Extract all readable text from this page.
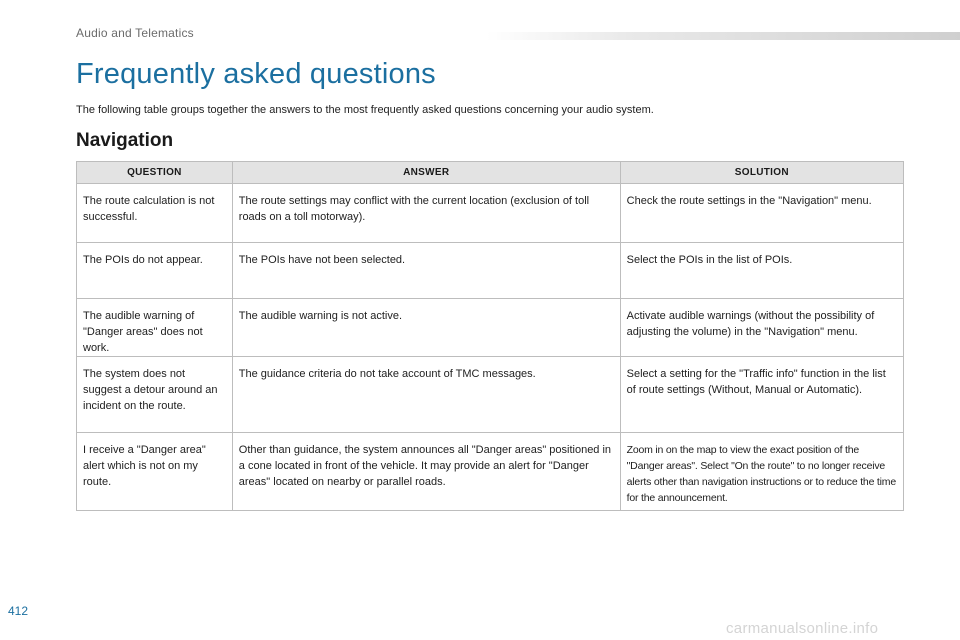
Audio and Telematics
Frequently asked questions

The following table groups together the answers to the most frequently asked questions concerning your audio system.

Navigation
QUESTION	ANSWER	SOLUTION
The route calculation is not successful.	The route settings may conflict with the current location (exclusion of toll roads on a toll motorway).	Check the route settings in the "Navigation" menu.
The POIs do not appear.	The POIs have not been selected.	Select the POIs in the list of POIs.
The audible warning of "Danger areas" does not work.	The audible warning is not active.	Activate audible warnings (without the possibility of adjusting the volume) in the "Navigation" menu.
The system does not suggest a detour around an incident on the route.	The guidance criteria do not take account of TMC messages.	Select a setting for the "Traffic info" function in the list of route settings (Without, Manual or Automatic).
I receive a "Danger area" alert which is not on my route.	Other than guidance, the system announces all "Danger areas" positioned in a cone located in front of the vehicle. It may provide an alert for "Danger areas" located on nearby or parallel roads.	Zoom in on the map to view the exact position of the "Danger areas". Select "On the route" to no longer receive alerts other than navigation instructions or to reduce the time for the announcement.
412
carmanualsonline.info
